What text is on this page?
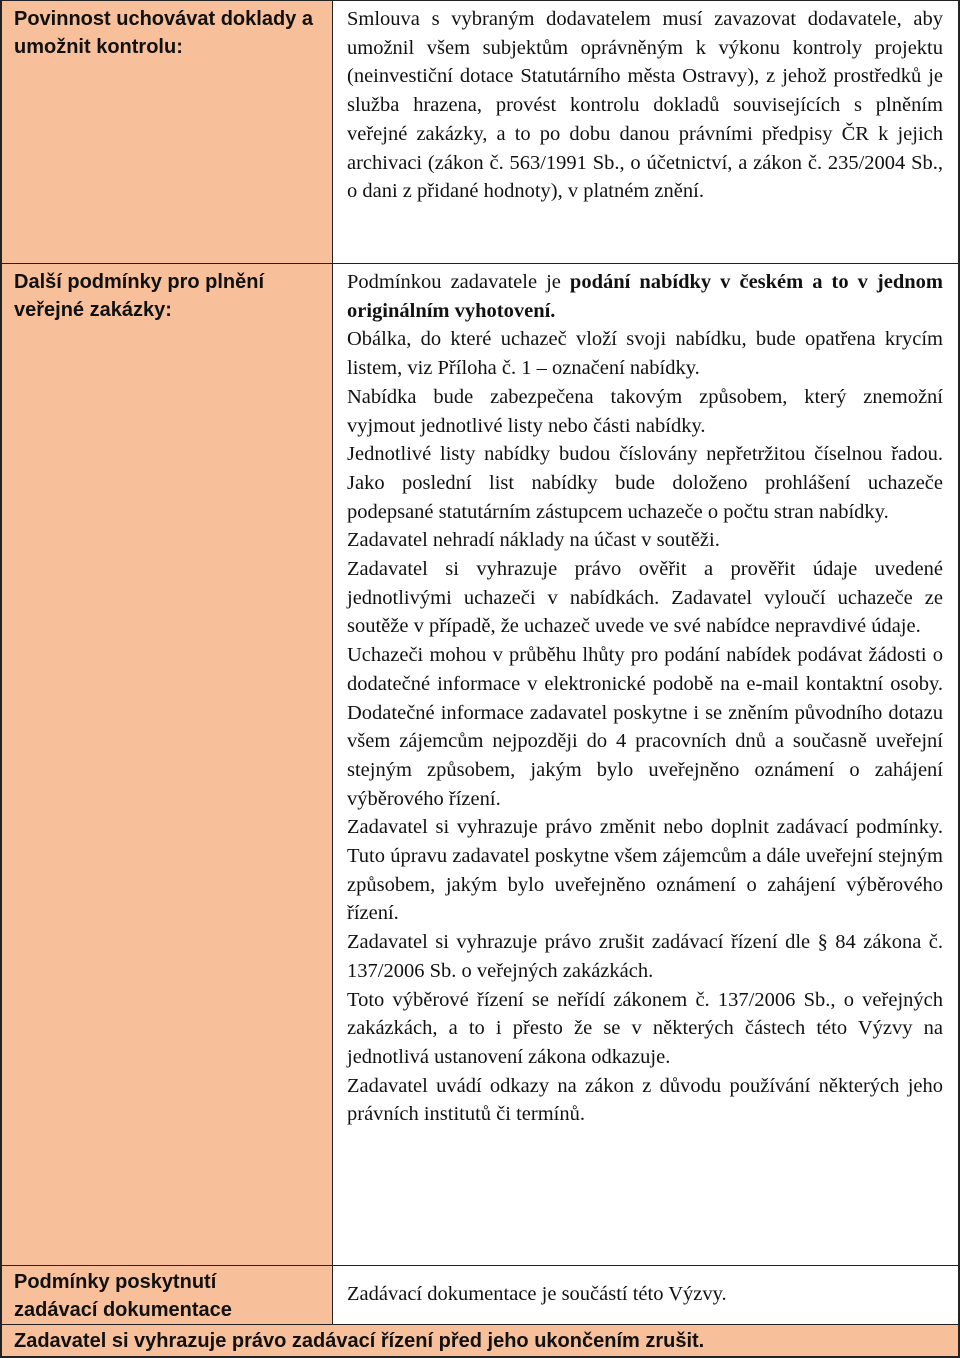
Povinnost uchovávat doklady a umožnit kontrolu:

Smlouva s vybraným dodavatelem musí zavazovat dodavatele, aby umožnil všem subjektům oprávněným k výkonu kontroly projektu (neinvestiční dotace Statutárního města Ostravy), z jehož prostředků je služba hrazena, provést kontrolu dokladů souvisejících s plněním veřejné zakázky, a to po dobu danou právními předpisy ČR k jejich archivaci (zákon č. 563/1991 Sb., o účetnictví, a zákon č. 235/2004 Sb., o dani z přidané hodnoty), v platném znění.

Další podmínky pro plnění veřejné zakázky:

Podmínkou zadavatele je podání nabídky v českém a to v jednom originálním vyhotovení.

Obálka, do které uchazeč vloží svoji nabídku, bude opatřena krycím listem, viz Příloha č. 1 – označení nabídky.

Nabídka bude zabezpečena takovým způsobem, který znemožní vyjmout jednotlivé listy nebo části nabídky.

Jednotlivé listy nabídky budou číslovány nepřetržitou číselnou řadou. Jako poslední list nabídky bude doloženo prohlášení uchazeče podepsané statutárním zástupcem uchazeče o počtu stran nabídky.

Zadavatel nehradí náklady na účast v soutěži.

Zadavatel si vyhrazuje právo ověřit a prověřit údaje uvedené jednotlivými uchazeči v nabídkách. Zadavatel vyloučí uchazeče ze soutěže v případě, že uchazeč uvede ve své nabídce nepravdivé údaje.

Uchazeči mohou v průběhu lhůty pro podání nabídek podávat žádosti o dodatečné informace v elektronické podobě na e-mail kontaktní osoby. Dodatečné informace zadavatel poskytne i se zněním původního dotazu všem zájemcům nejpozději do 4 pracovních dnů a současně uveřejní stejným způsobem, jakým bylo uveřejněno oznámení o zahájení výběrového řízení.

Zadavatel si vyhrazuje právo změnit nebo doplnit zadávací podmínky. Tuto úpravu zadavatel poskytne všem zájemcům a dále uveřejní stejným způsobem, jakým bylo uveřejněno oznámení o zahájení výběrového řízení.

Zadavatel si vyhrazuje právo zrušit zadávací řízení dle § 84 zákona č. 137/2006 Sb. o veřejných zakázkách.

Toto výběrové řízení se neřídí zákonem č. 137/2006 Sb., o veřejných zakázkách, a to i přesto že se v některých částech této Výzvy na jednotlivá ustanovení zákona odkazuje.

Zadavatel uvádí odkazy na zákon z důvodu používání některých jeho právních institutů či termínů.

Podmínky poskytnutí zadávací dokumentace

Zadávací dokumentace je součástí této Výzvy.

Zadavatel si vyhrazuje právo zadávací řízení před jeho ukončením zrušit.
